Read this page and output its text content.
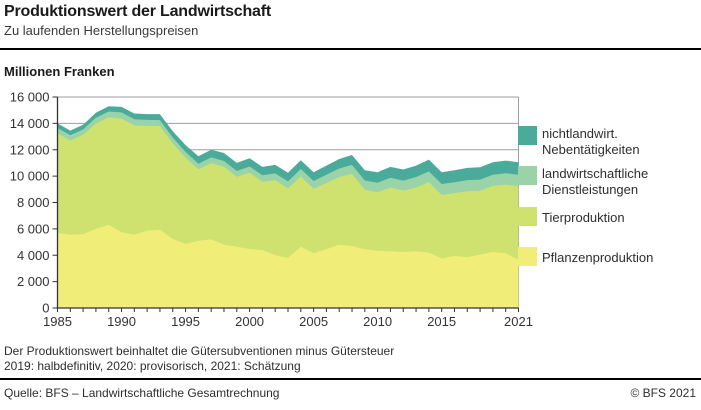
Produktionswert der Landwirtschaft
Zu laufenden Herstellungspreisen
Millionen Franken
0
2 000
4 000
6 000
8 000
10 000
12 000
14 000
16 000
1985	1990	1995	2000	2005	2010	2015	2021
nichtlandwirt.
Nebentätigkeiten
landwirtschaftliche
Dienstleistungen
Tierproduktion
Pflanzenproduktion
Der Produktionswert beinhaltet die Gütersubventionen minus Gütersteuer
2019: halbdefinitiv, 2020: provisorisch, 2021: Schätzung
Quelle: BFS – Landwirtschaftliche Gesamtrechnung	© BFS 2021
